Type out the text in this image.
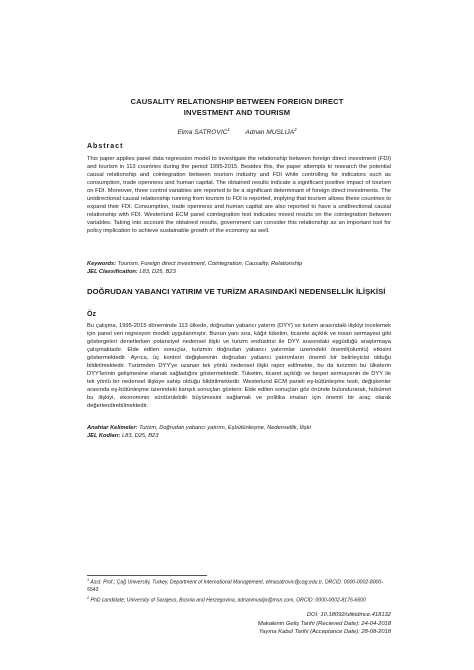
CAUSALITY RELATIONSHIP BETWEEN FOREIGN DIRECT INVESTMENT AND TOURISM
Elma SATROVIC$^1$ Adnan MUSLIJA$^2$
Abstract
This paper applies panel data regression model to investigate the relationship between foreign direct investment (FDI) and tourism in 113 countries during the period 1995-2015. Besides this, the paper attempts to research the potential causal relationship and cointegration between tourism industry and FDI while controlling for indicators such as consumption, trade openness and human capital. The obtained results indicate a significant positive impact of tourism on FDI. Moreover, three control variables are reported to be a significant determinant of foreign direct investments. The unidirectional causal relationship running from tourism to FDI is reported, implying that tourism allows these countries to expand their FDI. Consumption, trade openness and human capital are also reported to have a unidirectional causal relationship with FDI. Westerlund ECM panel cointegration test indicates mixed results on the cointegration between variables. Taking into account the obtained results, government can consider this relationship as an important tool for policy implication to achieve sustainable growth of the economy as well.
Keywords: Tourism, Foreign direct investment, Cointegration, Causality, Relationship
JEL Classification: L83, D25, B23
DOĞRUDAN YABANCI YATIRIM VE TURİZM ARASINDAKİ NEDENSELLİK İLİŞKİSİ
Öz
Bu çalışma, 1995-2015 döneminde 113 ülkede, doğrudan yabancı yatırım (DYY) ve turizm arasındaki ilişkiyi incelemek için panel veri regresyon modeli uygulanmıştır. Bunun yanı sıra, kâğıt tüketim, ticarete açıklık ve insan sermayesi gibi göstergeleri denetlerken potansiyel nedensel ilişki ve turizm endüstrisi ile DYY arasındaki eşgüdüğü araştırmaya çalışmaktadır. Elde edilen sonuçlar, turizmin doğrudan yabancı yatırımlar üzerindeki önemli(olumlu) etkisini göstermektedir. Ayrıca, üç kontrol değişkeninin doğrudan yabancı yatırımların önemli bir belirleyicisi olduğu bildirilmektedir. Turizmden DYY'ye uzanan tek yönlü nedensel ilişki rapor edilmekte, bu da turizmin bu ülkelerin DYY'lerinin gelişmesine olanak sağladığını göstermektedir. Tüketim, ticaret açıklığı ve beşeri sermayenin de DYY ile tek yönlü bir nedensel ilişkiye sahip olduğu bildirilmektedir. Westerlund ECM paneli eş-bütünleşme testi, değişkenler arasında eş-bütünleşme üzerindeki karışık sonuçları gösterir. Elde edilen sonuçları göz önünde bulundurarak, hükümet bu ilişkiyi, ekonominin sürdürülebilir büyümesini sağlamak ve politika imaları için önemli bir araç olarak değerlendirebilmektedir.
Anahtar Kelimeler: Turizm, Doğrudan yabancı yatırım, Eşbütünleşme, Nedensellik, İlişki
JEL Kodları: L83, D25, B23
$^1$ Asst. Prof.; Çağ University, Turkey, Department of International Management, elmasatrovic@cag.edu.tr, ORCID: 0000-0002-8000-5543
$^2$ PhD candidate; University of Sarajevo, Bosnia and Herzegovina, adnanmuslija@msn.com, ORCID: 0000-0002-8176-6600
DOI: 10.18092/ulikidince.418132
Makalenin Geliş Tarihi (Recieved Date): 24-04-2018
Yayına Kabul Tarihi (Acceptance Date): 28-08-2018
